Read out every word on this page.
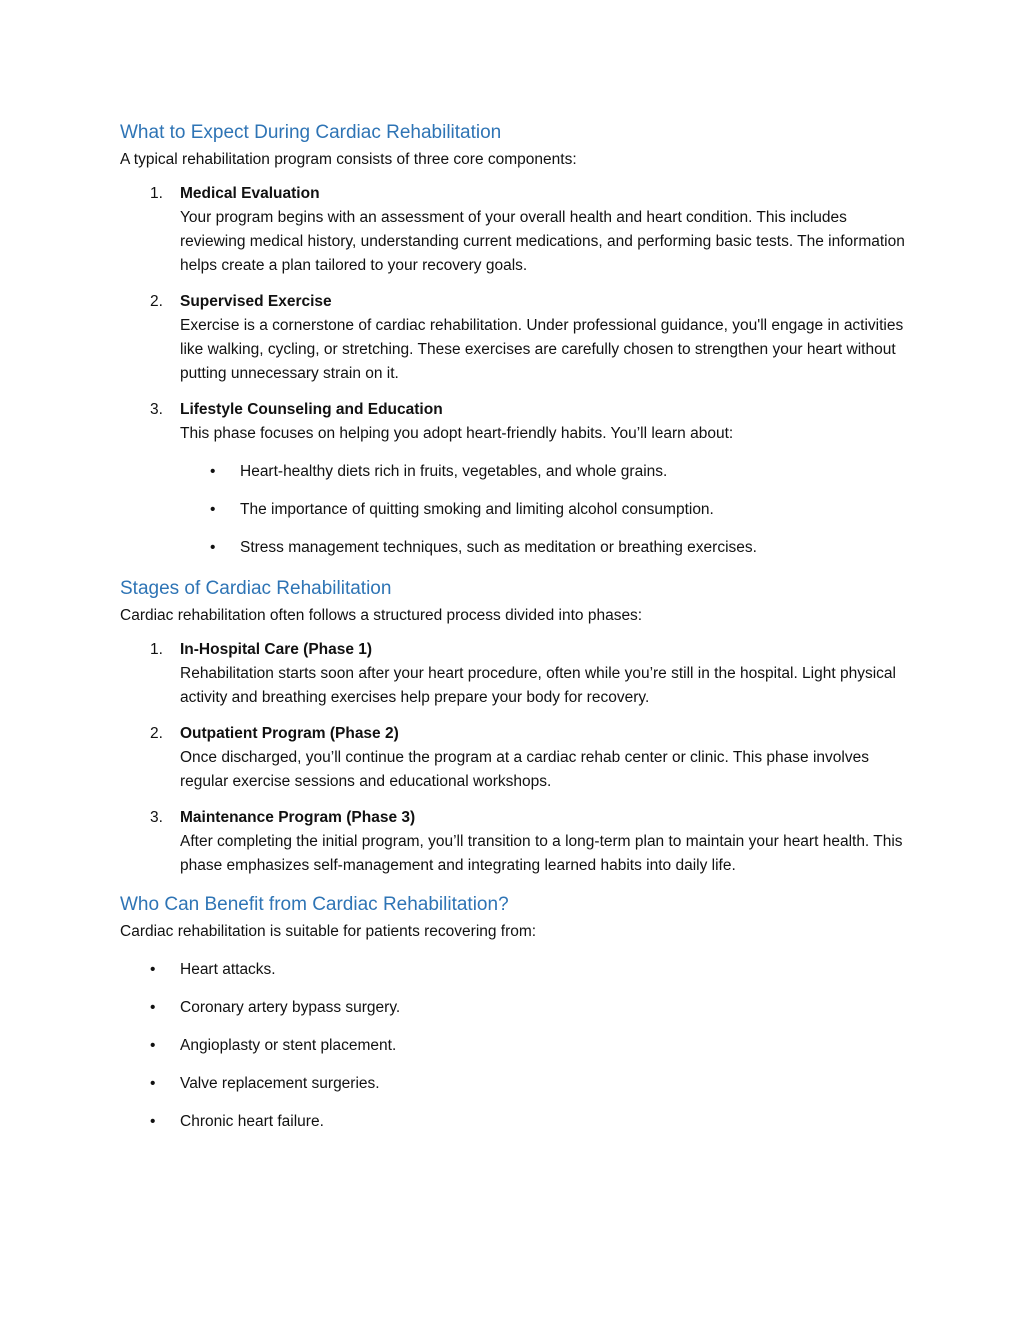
What to Expect During Cardiac Rehabilitation

A typical rehabilitation program consists of three core components:

1. Medical Evaluation
Your program begins with an assessment of your overall health and heart condition. This includes reviewing medical history, understanding current medications, and performing basic tests. The information helps create a plan tailored to your recovery goals.
2. Supervised Exercise
Exercise is a cornerstone of cardiac rehabilitation. Under professional guidance, you'll engage in activities like walking, cycling, or stretching. These exercises are carefully chosen to strengthen your heart without putting unnecessary strain on it.
3. Lifestyle Counseling and Education
This phase focuses on helping you adopt heart-friendly habits. You’ll learn about:
• Heart-healthy diets rich in fruits, vegetables, and whole grains.
• The importance of quitting smoking and limiting alcohol consumption.
• Stress management techniques, such as meditation or breathing exercises.
Stages of Cardiac Rehabilitation

Cardiac rehabilitation often follows a structured process divided into phases:

1. In-Hospital Care (Phase 1)
Rehabilitation starts soon after your heart procedure, often while you’re still in the hospital. Light physical activity and breathing exercises help prepare your body for recovery.
2. Outpatient Program (Phase 2)
Once discharged, you’ll continue the program at a cardiac rehab center or clinic. This phase involves regular exercise sessions and educational workshops.
3. Maintenance Program (Phase 3)
After completing the initial program, you’ll transition to a long-term plan to maintain your heart health. This phase emphasizes self-management and integrating learned habits into daily life.
Who Can Benefit from Cardiac Rehabilitation?

Cardiac rehabilitation is suitable for patients recovering from:

• Heart attacks.
• Coronary artery bypass surgery.
• Angioplasty or stent placement.
• Valve replacement surgeries.
• Chronic heart failure.
